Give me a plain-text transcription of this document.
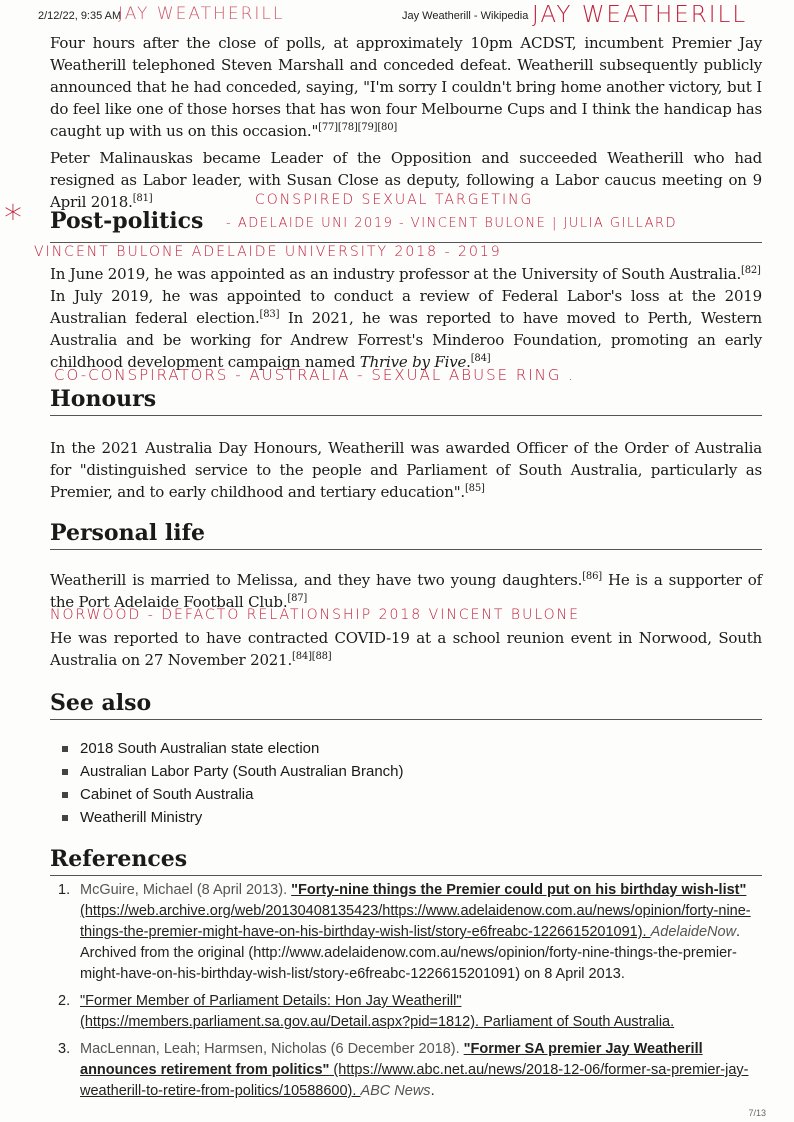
2/12/22, 9:35 AM	Jay Weatherill - Wikipedia
JAY WEATHERILL	JAY WEATHERILL

Four hours after the close of polls, at approximately 10pm ACDST, incumbent Premier Jay Weatherill telephoned Steven Marshall and conceded defeat. Weatherill subsequently publicly announced that he had conceded, saying, "I'm sorry I couldn't bring home another victory, but I do feel like one of those horses that has won four Melbourne Cups and I think the handicap has caught up with us on this occasion."[77][78][79][80]

Peter Malinauskas became Leader of the Opposition and succeeded Weatherill who had resigned as Labor leader, with Susan Close as deputy, following a Labor caucus meeting on 9 April 2018.[81]	CONSPIRED SEXUAL TARGETING
* Post-politics	- ADELAIDE UNI 2019 - VINCENT BULONE | JULIA GILLARD
VINCENT BULONE ADELAIDE UNIVERSITY 2018 - 2019

In June 2019, he was appointed as an industry professor at the University of South Australia.[82]

In July 2019, he was appointed to conduct a review of Federal Labor's loss at the 2019 Australian federal election.[83] In 2021, he was reported to have moved to Perth, Western Australia and be working for Andrew Forrest's Minderoo Foundation, promoting an early childhood development campaign named Thrive by Five.[84]

CO-CONSPIRATORS - AUSTRALIA - SEXUAL ABUSE RING .
Honours

In the 2021 Australia Day Honours, Weatherill was awarded Officer of the Order of Australia for "distinguished service to the people and Parliament of South Australia, particularly as Premier, and to early childhood and tertiary education".[85]

Personal life

Weatherill is married to Melissa, and they have two young daughters.[86] He is a supporter of the Port Adelaide Football Club.[87]

NORWOOD - DEFACTO RELATIONSHIP 2018 VINCENT BULONE

He was reported to have contracted COVID-19 at a school reunion event in Norwood, South Australia on 27 November 2021.[84][88]

See also
2018 South Australian state election
Australian Labor Party (South Australian Branch)
Cabinet of South Australia
Weatherill Ministry
References
1. McGuire, Michael (8 April 2013). "Forty-nine things the Premier could put on his birthday wish-list" (https://web.archive.org/web/20130408135423/https://www.adelaidenow.com.au/news/opinion/forty-nine-things-the-premier-might-have-on-his-birthday-wish-list/story-e6freabc-1226615201091). AdelaideNow. Archived from the original (http://www.adelaidenow.com.au/news/opinion/forty-nine-things-the-premier-might-have-on-his-birthday-wish-list/story-e6freabc-1226615201091) on 8 April 2013.
2. "Former Member of Parliament Details: Hon Jay Weatherill" (https://members.parliament.sa.gov.au/Detail.aspx?pid=1812). Parliament of South Australia.
3. MacLennan, Leah; Harmsen, Nicholas (6 December 2018). "Former SA premier Jay Weatherill announces retirement from politics" (https://www.abc.net.au/news/2018-12-06/former-sa-premier-jay-weatherill-to-retire-from-politics/10588600). ABC News.
7/13
